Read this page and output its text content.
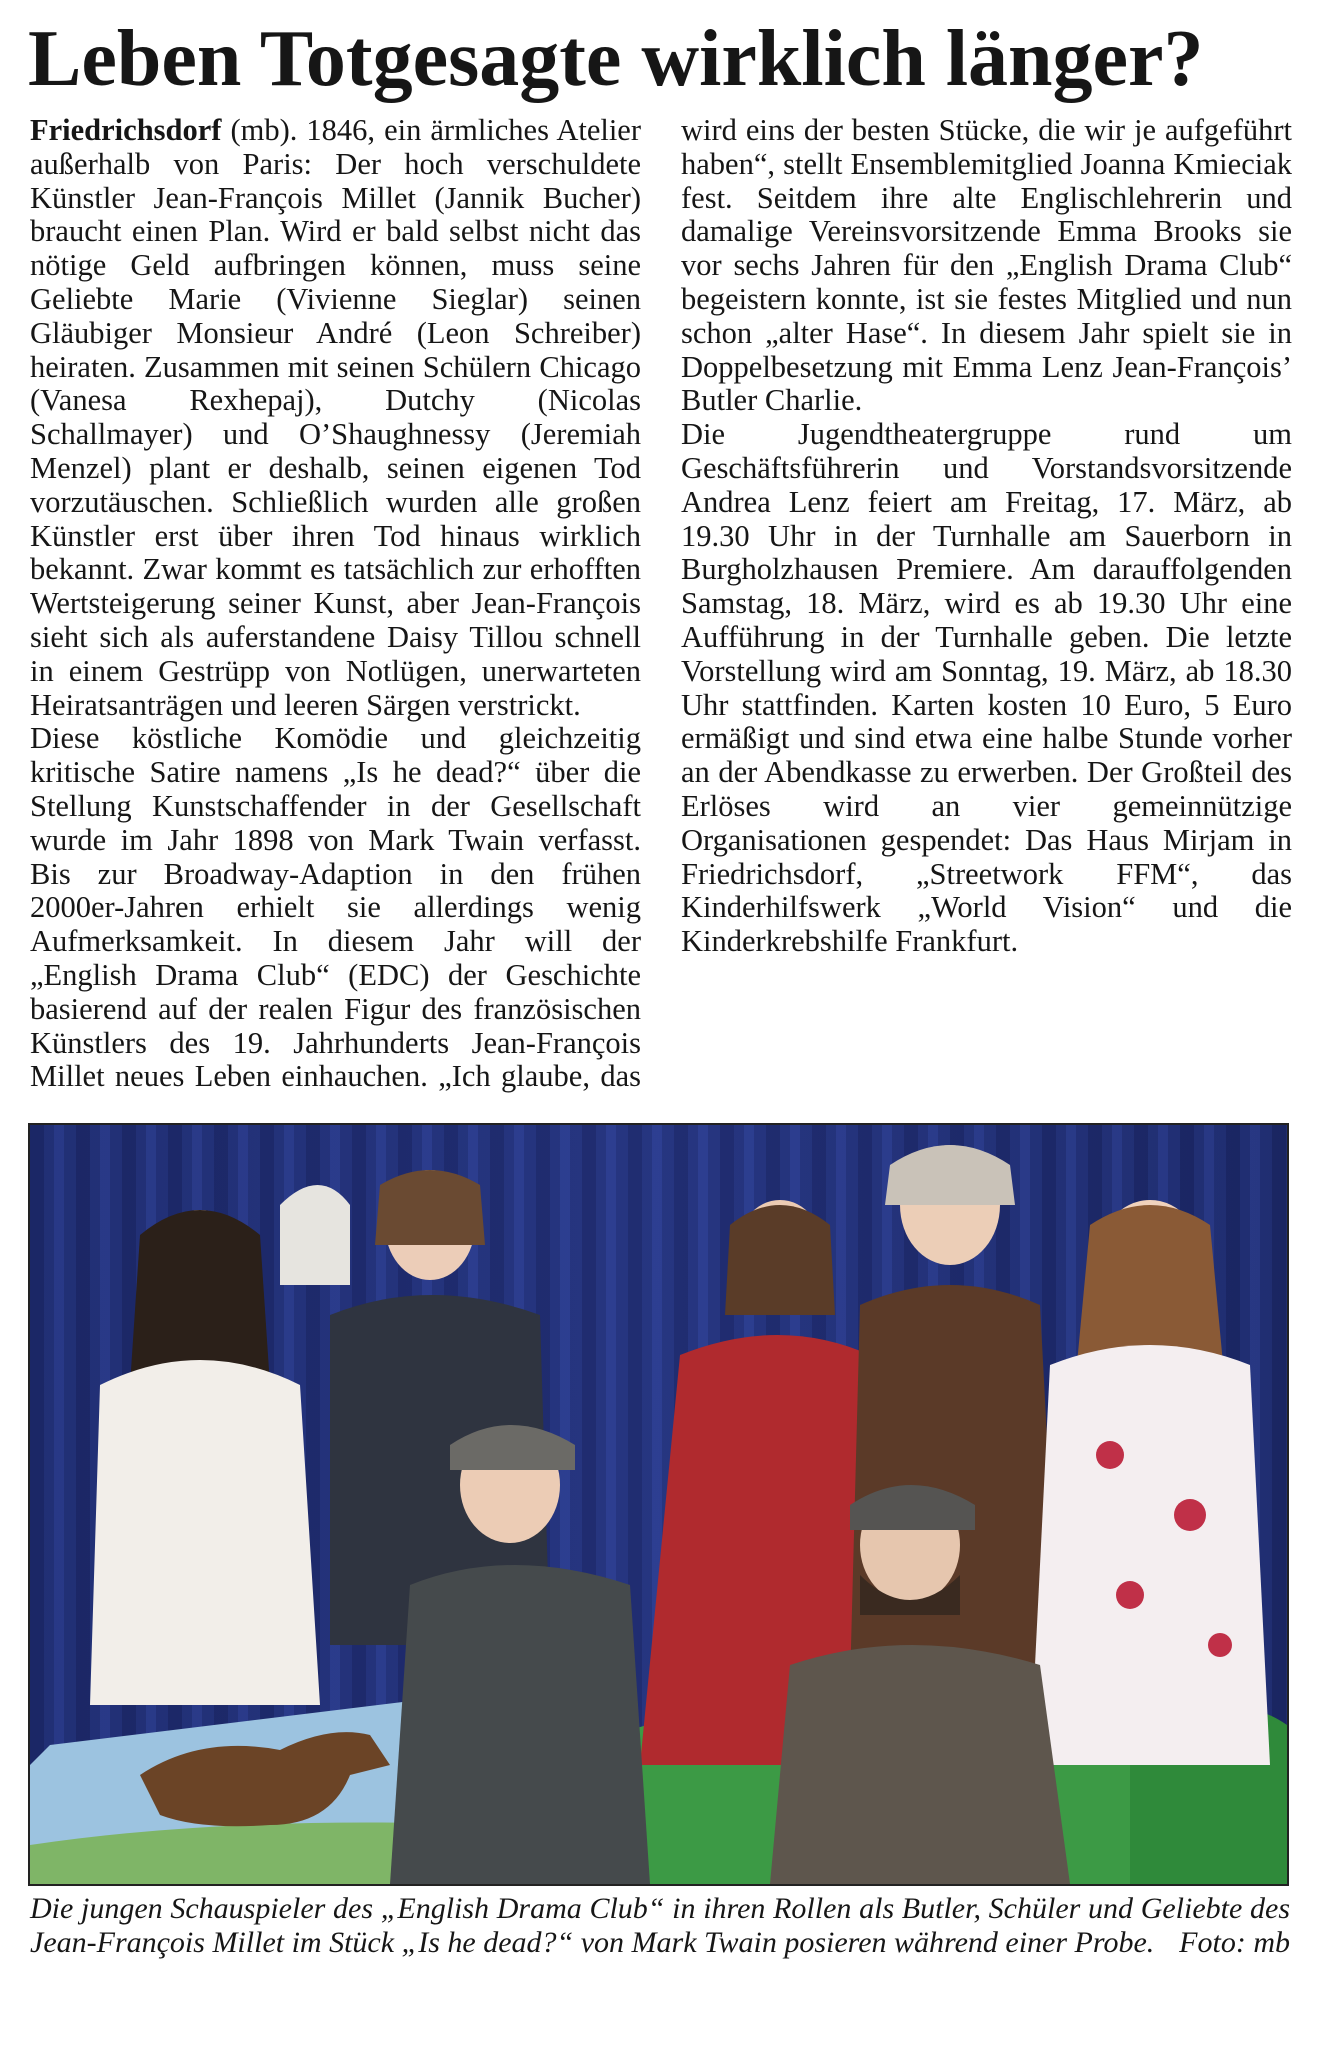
Leben Totgesagte wirklich länger?

Friedrichsdorf (mb). 1846, ein ärmliches Atelier außerhalb von Paris: Der hoch verschuldete Künstler Jean-François Millet (Jannik Bucher) braucht einen Plan. Wird er bald selbst nicht das nötige Geld aufbringen können, muss seine Geliebte Marie (Vivienne Sieglar) seinen Gläubiger Monsieur André (Leon Schreiber) heiraten. Zusammen mit seinen Schülern Chicago (Vanesa Rexhepaj), Dutchy (Nicolas Schallmayer) und O’Shaughnessy (Jeremiah Menzel) plant er deshalb, seinen eigenen Tod vorzutäuschen. Schließlich wurden alle großen Künstler erst über ihren Tod hinaus wirklich bekannt. Zwar kommt es tatsächlich zur erhofften Wertsteigerung seiner Kunst, aber Jean-François sieht sich als auferstandene Daisy Tillou schnell in einem Gestrüpp von Notlügen, unerwarteten Heiratsanträgen und leeren Särgen verstrickt.

Diese köstliche Komödie und gleichzeitig kritische Satire namens „Is he dead?“ über die Stellung Kunstschaffender in der Gesellschaft wurde im Jahr 1898 von Mark Twain verfasst. Bis zur Broadway-Adaption in den frühen 2000er-Jahren erhielt sie allerdings wenig Aufmerksamkeit. In diesem Jahr will der „English Drama Club“ (EDC) der Geschichte basierend auf der realen Figur des französischen Künstlers des 19. Jahrhunderts Jean-François Millet neues Leben einhauchen. „Ich glaube, das wird eins der besten Stücke, die wir je aufgeführt haben“, stellt Ensemblemitglied Joanna Kmieciak fest. Seitdem ihre alte Englischlehrerin und damalige Vereinsvorsitzende Emma Brooks sie vor sechs Jahren für den „English Drama Club“ begeistern konnte, ist sie festes Mitglied und nun schon „alter Hase“. In diesem Jahr spielt sie in Doppelbesetzung mit Emma Lenz Jean-François’ Butler Charlie.

Die Jugendtheatergruppe rund um Geschäftsführerin und Vorstandsvorsitzende Andrea Lenz feiert am Freitag, 17. März, ab 19.30 Uhr in der Turnhalle am Sauerborn in Burgholzhausen Premiere. Am darauffolgenden Samstag, 18. März, wird es ab 19.30 Uhr eine Aufführung in der Turnhalle geben. Die letzte Vorstellung wird am Sonntag, 19. März, ab 18.30 Uhr stattfinden. Karten kosten 10 Euro, 5 Euro ermäßigt und sind etwa eine halbe Stunde vorher an der Abendkasse zu erwerben. Der Großteil des Erlöses wird an vier gemeinnützige Organisationen gespendet: Das Haus Mirjam in Friedrichsdorf, „Streetwork FFM“, das Kinderhilfswerk „World Vision“ und die Kinderkrebshilfe Frankfurt.

Die jungen Schauspieler des „English Drama Club“ in ihren Rollen als Butler, Schüler und Geliebte des Jean-François Millet im Stück „Is he dead?“ von Mark Twain posieren während einer Probe. Foto: mb
